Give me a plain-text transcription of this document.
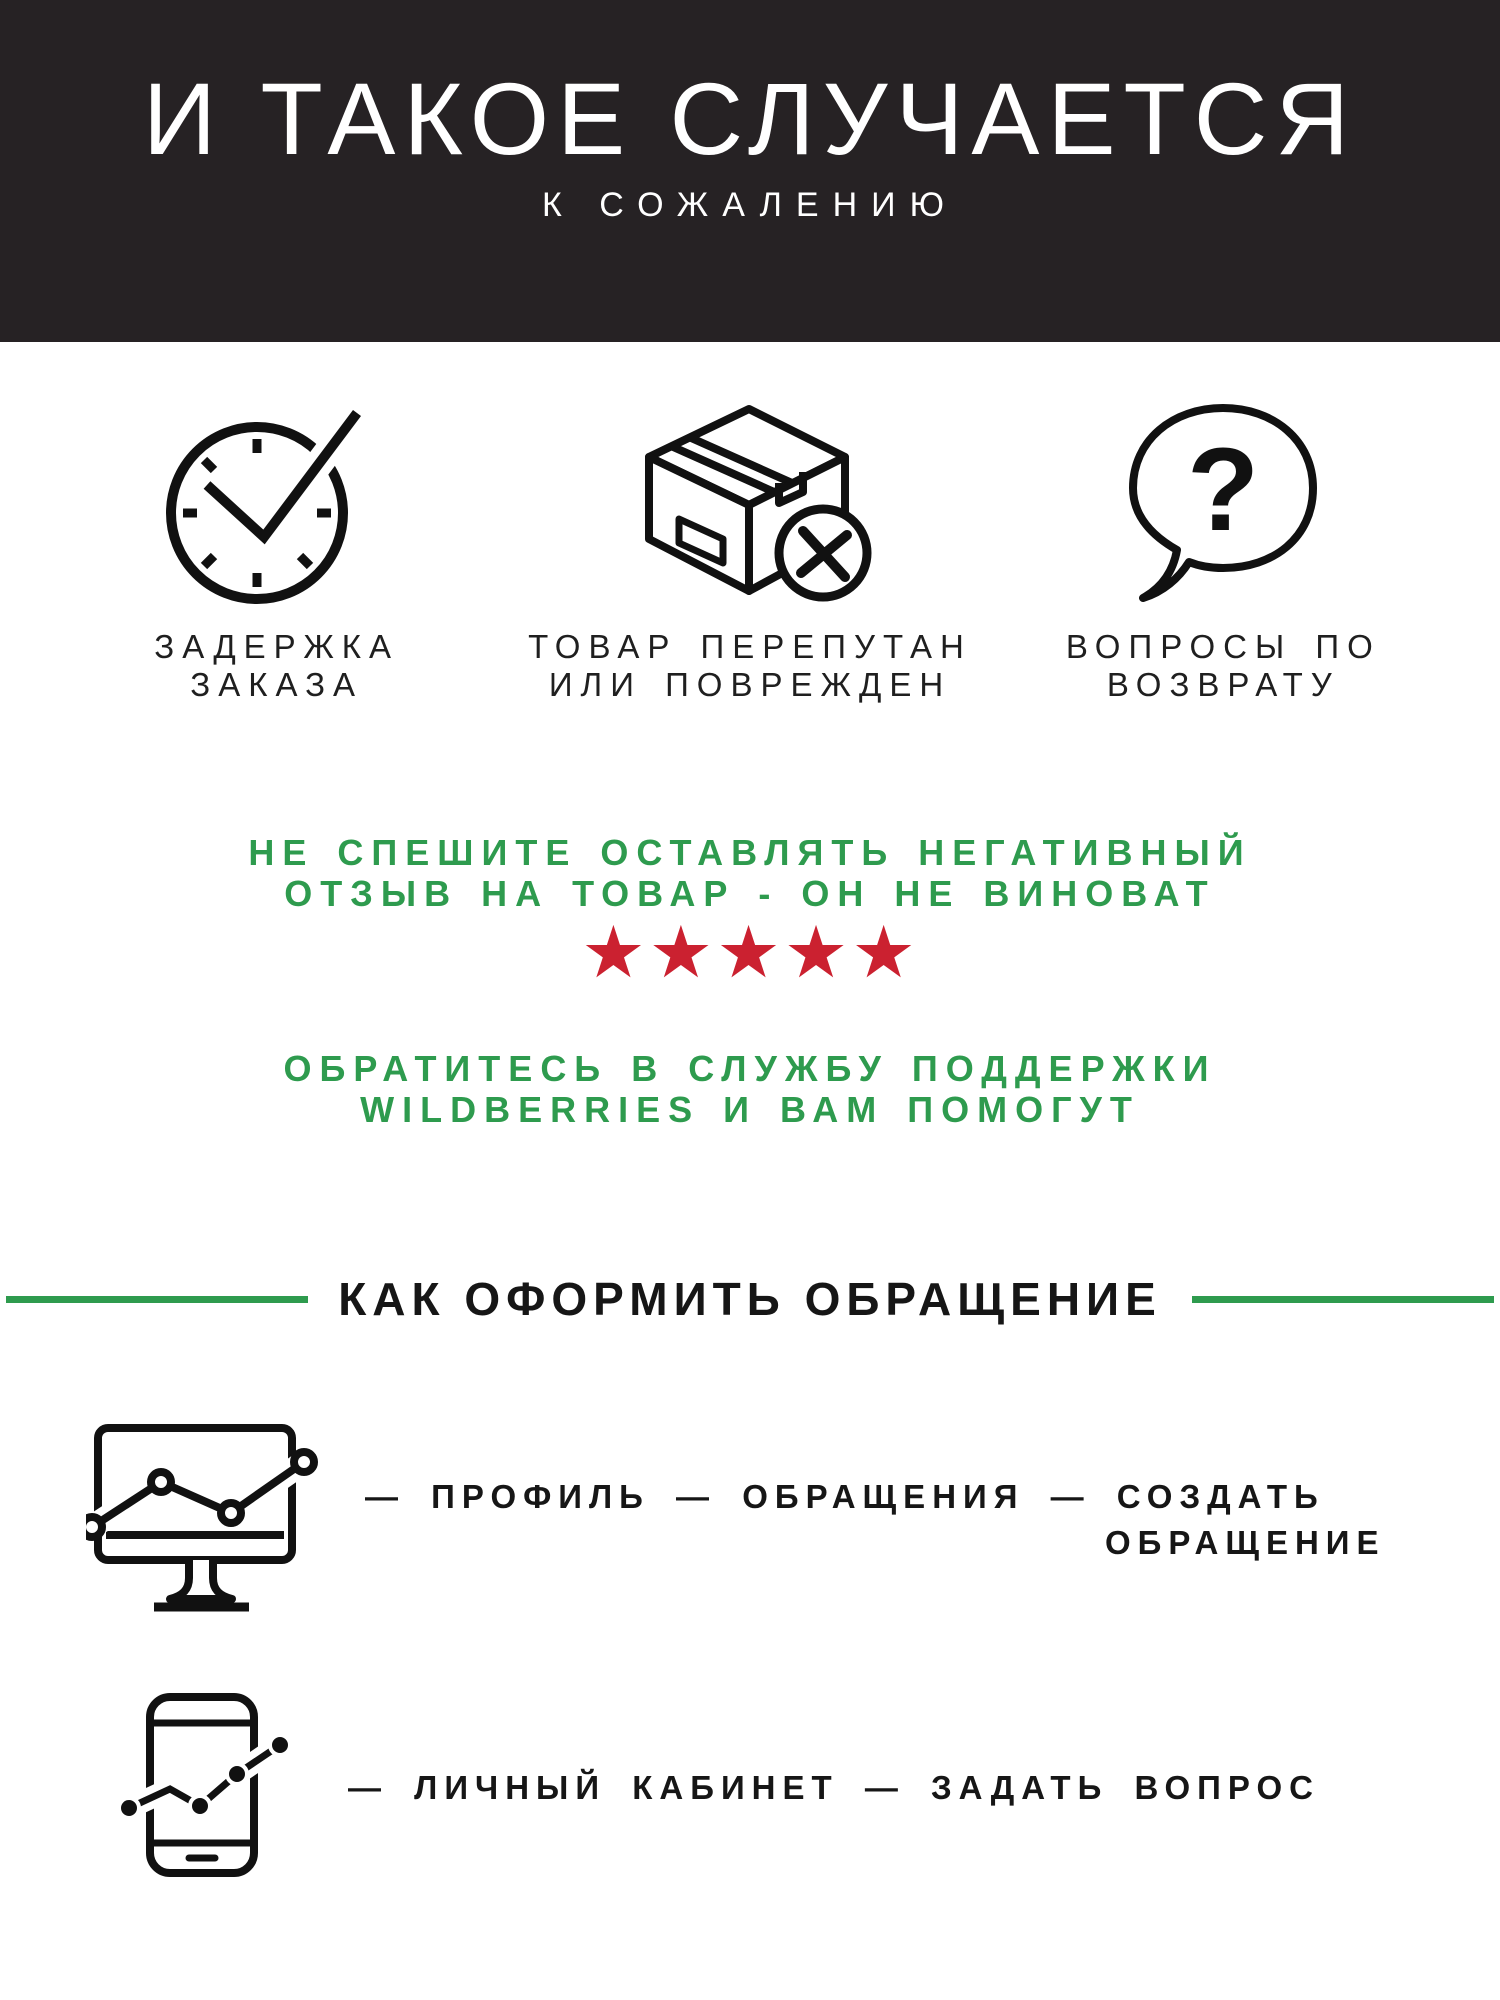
И ТАКОЕ СЛУЧАЕТСЯ
К СОЖАЛЕНИЮ
ЗАДЕРЖКА
ЗАКАЗА
ТОВАР ПЕРЕПУТАН
ИЛИ ПОВРЕЖДЕН
?
ВОПРОСЫ ПО
ВОЗВРАТУ
НЕ СПЕШИТЕ ОСТАВЛЯТЬ НЕГАТИВНЫЙ
ОТЗЫВ НА ТОВАР - ОН НЕ ВИНОВАТ
★★★★★
ОБРАТИТЕСЬ В СЛУЖБУ ПОДДЕРЖКИ
WILDBERRIES И ВАМ ПОМОГУТ
КАК ОФОРМИТЬ ОБРАЩЕНИЕ
— ПРОФИЛЬ — ОБРАЩЕНИЯ — СОЗДАТЬ
ОБРАЩЕНИЕ
— ЛИЧНЫЙ КАБИНЕТ — ЗАДАТЬ ВОПРОС
